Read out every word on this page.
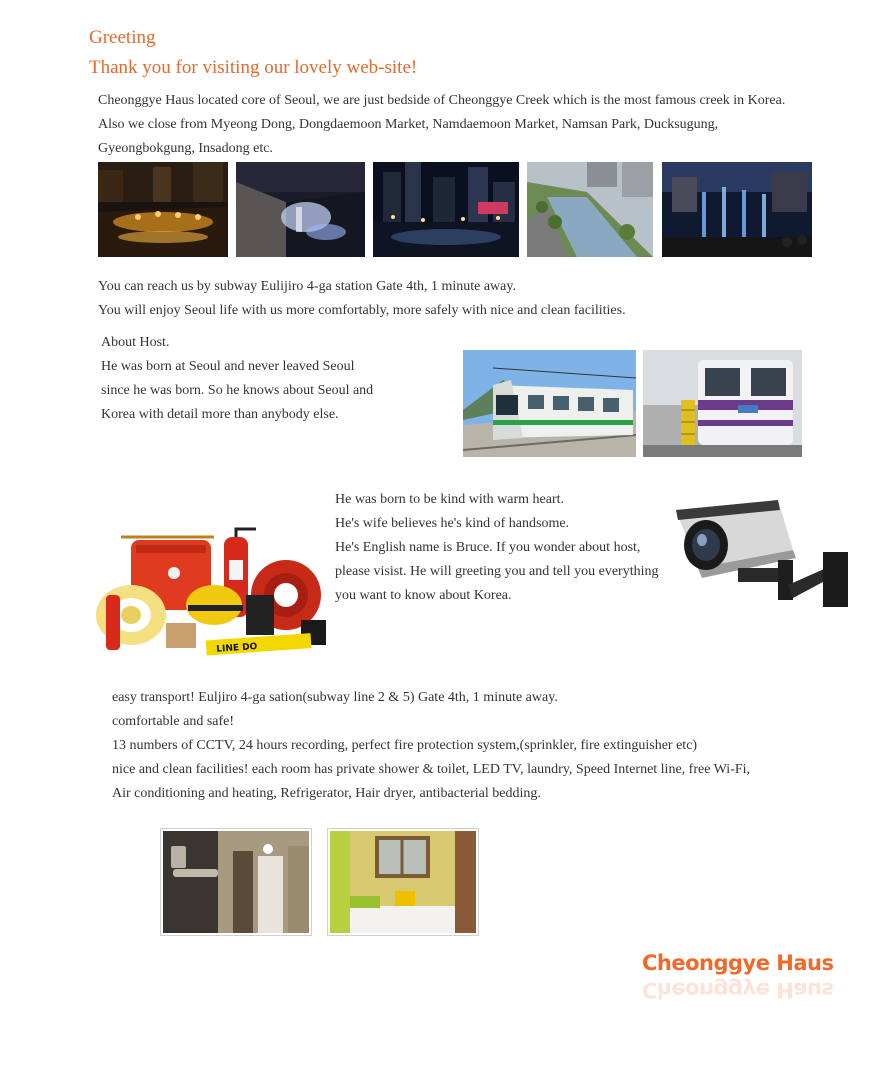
Greeting
Thank you for visiting our lovely web-site!
Cheonggye Haus located core of Seoul, we are just bedside of Cheonggye Creek which is the most famous creek in Korea.
Also we close from Myeong Dong, Dongdaemoon Market, Namdaemoon Market, Namsan Park, Ducksugung,
Gyeongbokgung, Insadong etc.
You can reach us by subway Eulijiro 4-ga station Gate 4th, 1 minute away.
You will enjoy Seoul life with us more comfortably, more safely with nice and clean facilities.
About Host.
He was born at Seoul and never leaved Seoul
since he was born. So he knows about Seoul and
Korea with detail more than anybody else.
LINE DO
He was born to be kind with warm heart.
He's wife believes he's kind of handsome.
He's English name is Bruce. If you wonder about host,
please visist. He will greeting you and tell you everything
you want to know about Korea.
easy transport! Euljiro 4-ga sation(subway line 2 & 5) Gate 4th, 1 minute away.
comfortable and safe!
13 numbers of CCTV, 24 hours recording, perfect fire protection system,(sprinkler, fire extinguisher etc)
nice and clean facilities! each room has private shower & toilet, LED TV, laundry, Speed Internet line, free Wi-Fi,
Air conditioning and heating, Refrigerator, Hair dryer, antibacterial bedding.
Cheonggye Haus
Cheonggye Haus
